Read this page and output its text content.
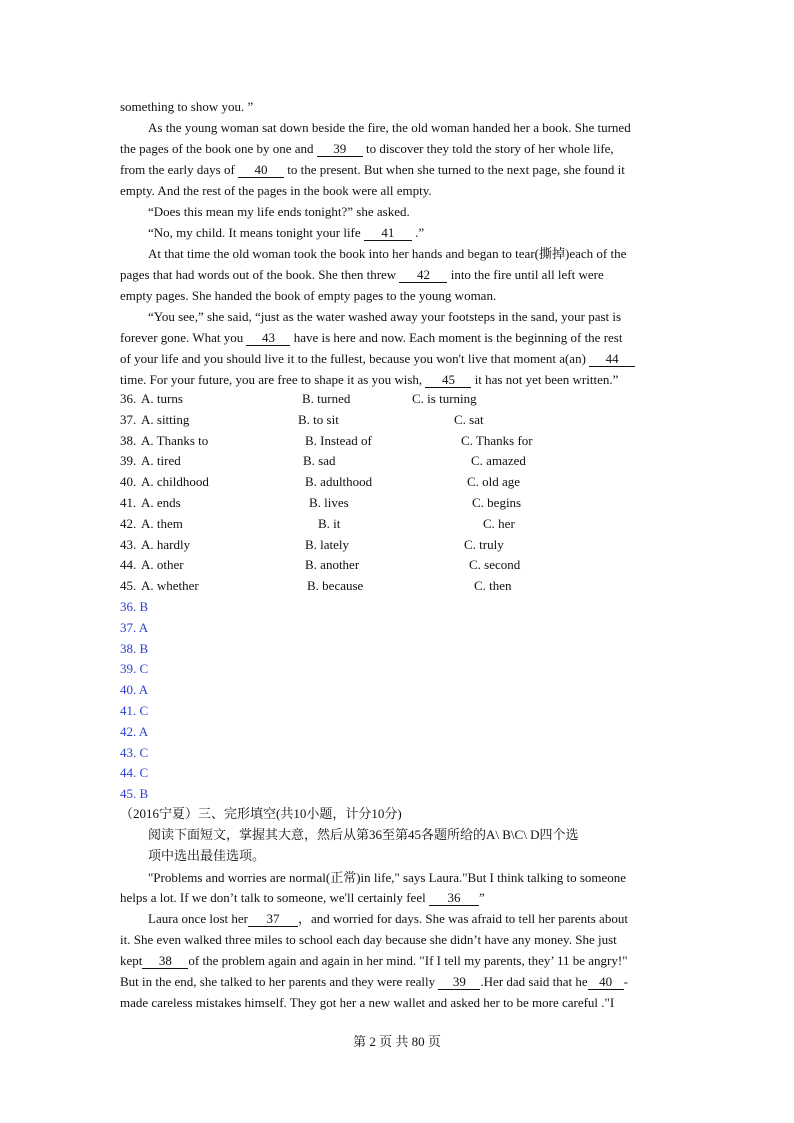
something to show you. ”
As the young woman sat down beside the fire, the old woman handed her a book. She turned
the pages of the book one by one and 39 to discover they told the story of her whole life,
from the early days of 40 to the present. But when she turned to the next page, she found it
empty. And the rest of the pages in the book were all empty.
“Does this mean my life ends tonight?” she asked.
“No, my child. It means tonight your life 41 .”
At that time the old woman took the book into her hands and began to tear(撕掉)each of the
pages that had words out of the book. She then threw 42 into the fire until all left were
empty pages. She handed the book of empty pages to the young woman.
“You see,” she said, “just as the water washed away your footsteps in the sand, your past is
forever gone. What you 43 have is here and now. Each moment is the beginning of the rest
of your life and you should live it to the fullest, because you won't live that moment a(an) 44
time. For your future, you are free to shape it as you wish, 45 it has not yet been written.”
36. A. turns	B. turned	C. is turning
37. A. sitting	B. to sit	C. sat
38. A. Thanks to	B. Instead of	C. Thanks for
39. A. tired	B. sad	C. amazed
40. A. childhood	B. adulthood	C. old age
41. A. ends	B. lives	C. begins
42. A. them	B. it	C. her
43. A. hardly	B. lately	C. truly
44. A. other	B. another	C. second
45. A. whether	B. because	C. then
36. B
37. A
38. B
39. C
40. A
41. C
42. A
43. C
44. C
45. B
（2016宁夏）三、完形填空(共10小题，计分10分)
阅读下面短文，掌握其大意，然后从第36至第45各题所给的A\ B\C\ D四个选
项中选出最佳选项。
"Problems and worries are normal(正常)in life," says Laura."But I think talking to someone
helps a lot. If we don’t talk to someone, we'll certainly feel 36 ”
Laura once lost her 37 ，and worried for days. She was afraid to tell her parents about
it. She even walked three miles to school each day because she didn’t have any money. She just
kept 38 of the problem again and again in her mind. "If I tell my parents, they’ 11 be angry!"
But in the end, she talked to her parents and they were really 39 .Her dad said that he 40 -
made careless mistakes himself. They got her a new wallet and asked her to be more careful ."I
第 2 页 共 80 页
